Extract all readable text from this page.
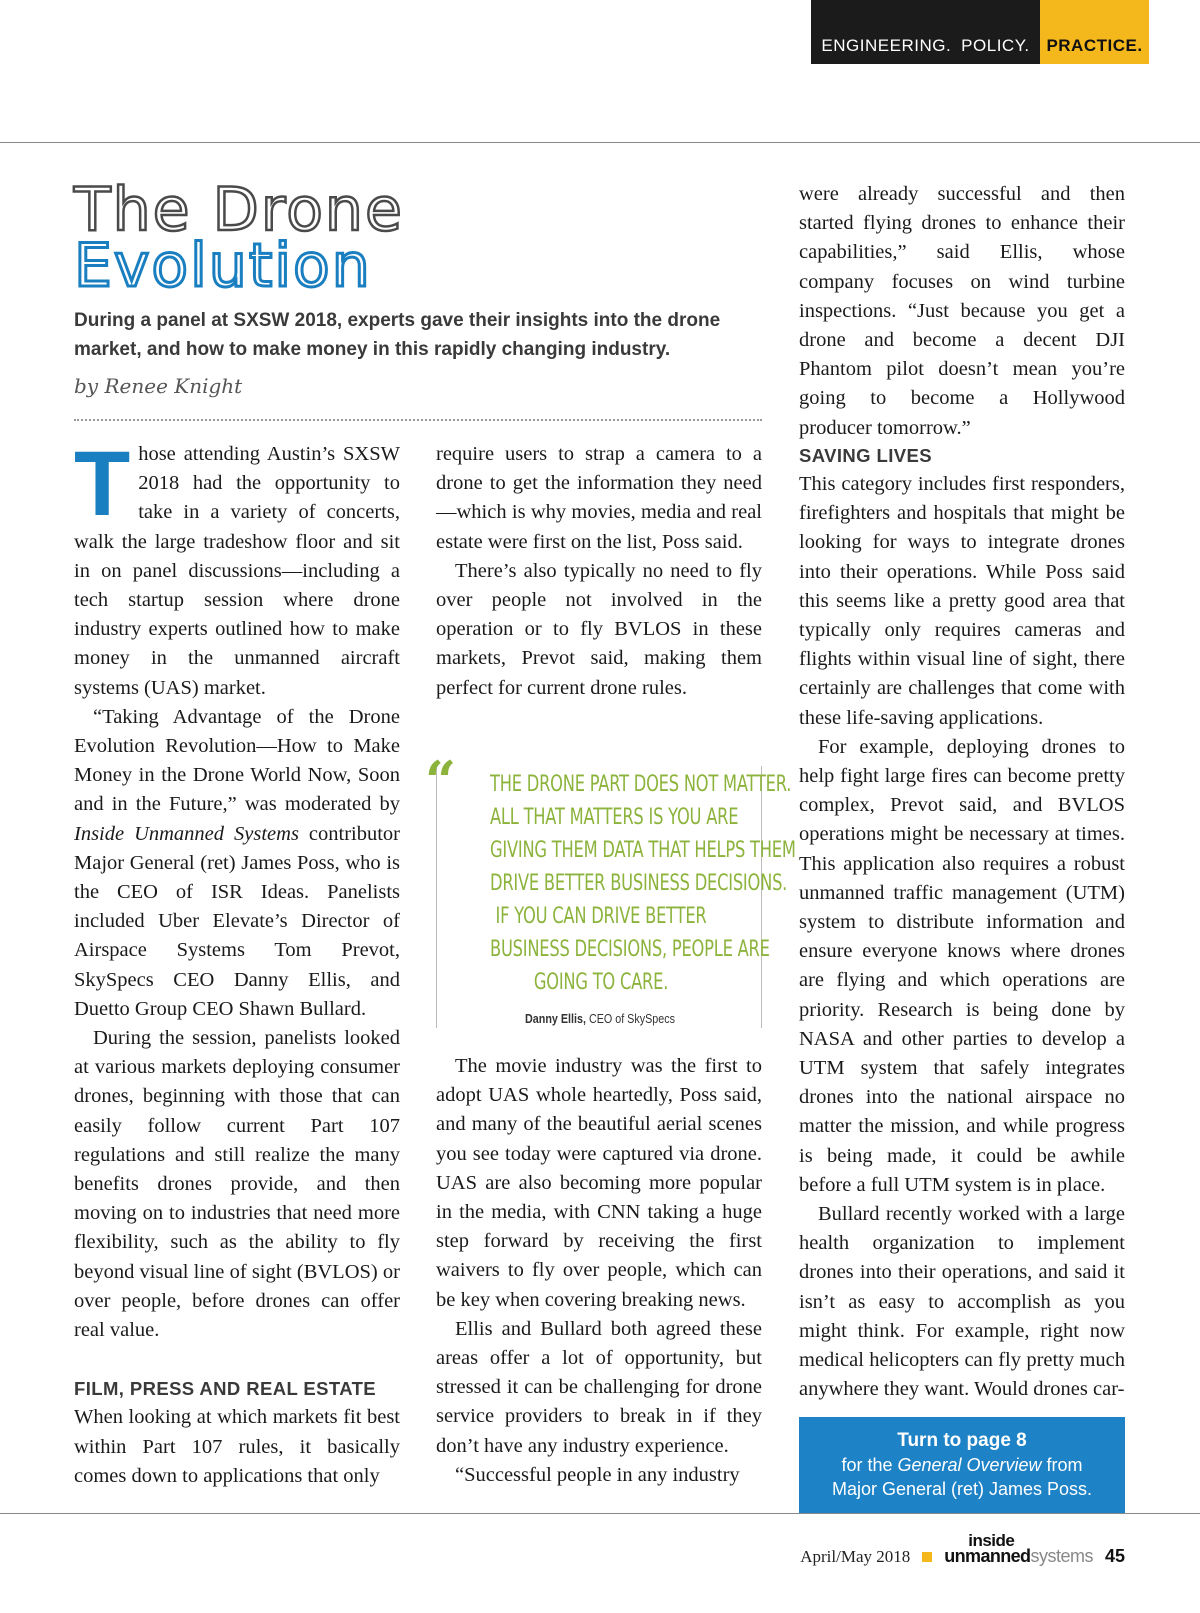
ENGINEERING. POLICY. PRACTICE.
The Drone
Evolution
During a panel at SXSW 2018, experts gave their insights into the drone market, and how to make money in this rapidly changing industry.
by Renee Knight

Those attending Austin’s SXSW 2018 had the opportunity to take in a variety of concerts, walk the large tradeshow floor and sit in on panel discussions—including a tech startup session where drone industry experts outlined how to make money in the unmanned aircraft systems (UAS) market.

“Taking Advantage of the Drone Evolution Revolution—How to Make Money in the Drone World Now, Soon and in the Future,” was moderated by Inside Unmanned Systems contributor Major General (ret) James Poss, who is the CEO of ISR Ideas. Panelists included Uber Elevate’s Director of Airspace Systems Tom Prevot, SkySpecs CEO Danny Ellis, and Duetto Group CEO Shawn Bullard.

During the session, panelists looked at various markets deploying consumer drones, beginning with those that can easily follow current Part 107 regulations and still realize the many benefits drones provide, and then moving on to industries that need more flexibility, such as the ability to fly beyond visual line of sight (BVLOS) or over people, before drones can offer real value.

FILM, PRESS AND REAL ESTATE

When looking at which markets fit best within Part 107 rules, it basically comes down to applications that only

require users to strap a camera to a drone to get the information they need—which is why movies, media and real estate were first on the list, Poss said.

There’s also typically no need to fly over people not involved in the operation or to fly BVLOS in these markets, Prevot said, making them perfect for current drone rules.

“ THE DRONE PART DOES NOT MATTER.
ALL THAT MATTERS IS YOU ARE
GIVING THEM DATA THAT HELPS THEM
DRIVE BETTER BUSINESS DECISIONS.
IF YOU CAN DRIVE BETTER
BUSINESS DECISIONS, PEOPLE ARE
GOING TO CARE.
Danny Ellis, CEO of SkySpecs

The movie industry was the first to adopt UAS whole heartedly, Poss said, and many of the beautiful aerial scenes you see today were captured via drone. UAS are also becoming more popular in the media, with CNN taking a huge step forward by receiving the first waivers to fly over people, which can be key when covering breaking news.

Ellis and Bullard both agreed these areas offer a lot of opportunity, but stressed it can be challenging for drone service providers to break in if they don’t have any industry experience.

“Successful people in any industry

SAVING LIVES

This category includes first responders, firefighters and hospitals that might be looking for ways to integrate drones into their operations. While Poss said this seems like a pretty good area that typically only requires cameras and flights within visual line of sight, there certainly are challenges that come with these life-saving applications.

For example, deploying drones to help fight large fires can become pretty complex, Prevot said, and BVLOS operations might be necessary at times. This application also requires a robust unmanned traffic management (UTM) system to distribute information and ensure everyone knows where drones are flying and which operations are priority. Research is being done by NASA and other parties to develop a UTM system that safely integrates drones into the national airspace no matter the mission, and while progress is being made, it could be awhile before a full UTM system is in place.

Bullard recently worked with a large health organization to implement drones into their operations, and said it isn’t as easy to accomplish as you might think. For example, right now medical helicopters can fly pretty much anywhere they want. Would drones car-

Turn to page 8
for the General Overview from
Major General (ret) James Poss.
April/May 2018
inside
unmannedsystems 45

were already successful and then started flying drones to enhance their capabilities,” said Ellis, whose company focuses on wind turbine inspections. “Just because you get a drone and become a decent DJI Phantom pilot doesn’t mean you’re going to become a Hollywood producer tomorrow.”
